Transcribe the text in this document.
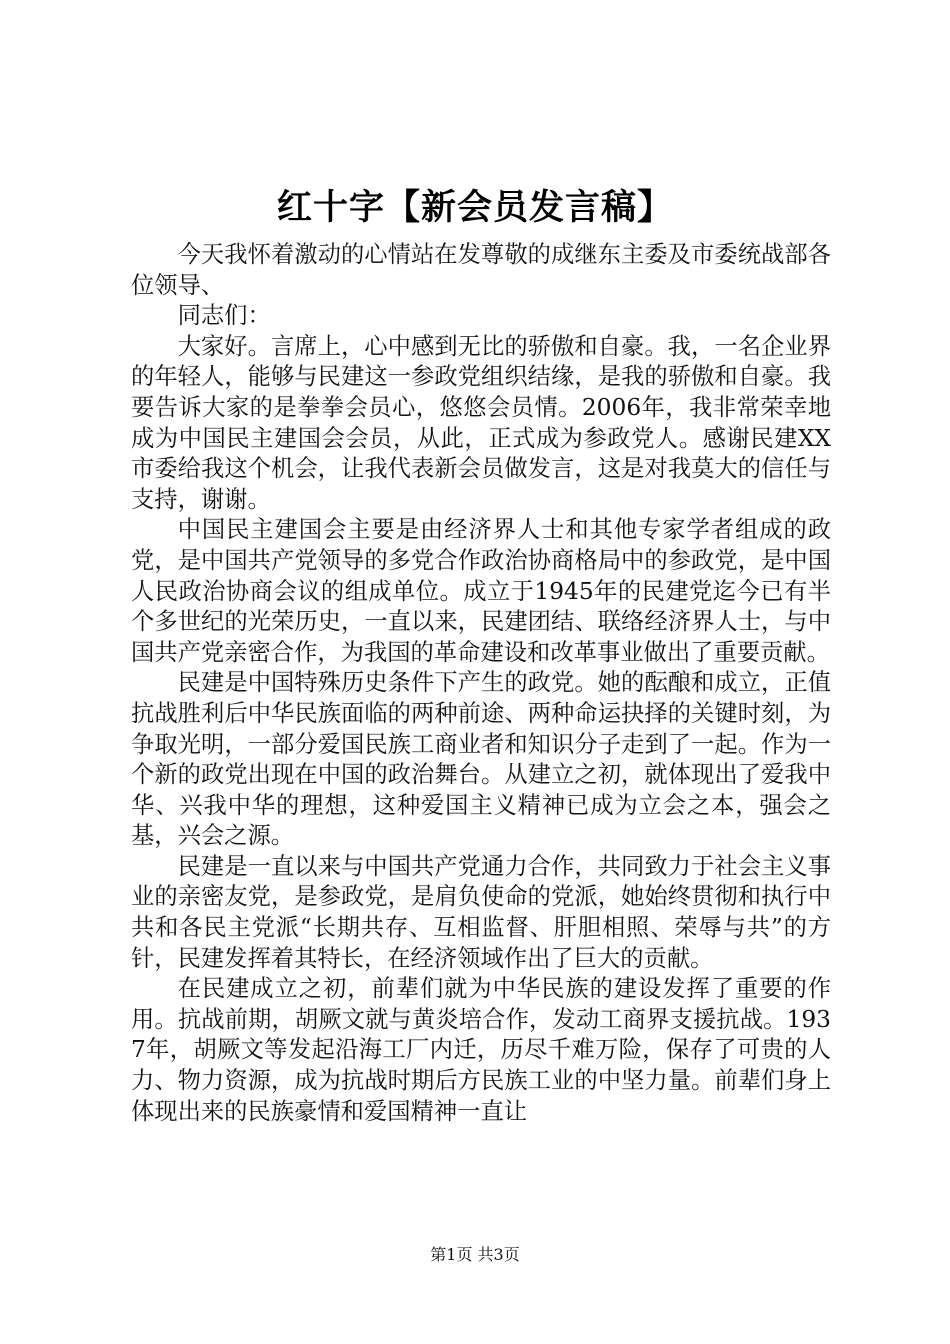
红十字【新会员发言稿】

今天我怀着激动的心情站在发尊敬的成继东主委及市委统战部各位领导、

同志们：

大家好。言席上，心中感到无比的骄傲和自豪。我，一名企业界的年轻人，能够与民建这一参政党组织结缘，是我的骄傲和自豪。我要告诉大家的是拳拳会员心，悠悠会员情。2006年，我非常荣幸地成为中国民主建国会会员，从此，正式成为参政党人。感谢民建XX市委给我这个机会，让我代表新会员做发言，这是对我莫大的信任与支持，谢谢。

中国民主建国会主要是由经济界人士和其他专家学者组成的政党，是中国共产党领导的多党合作政治协商格局中的参政党，是中国人民政治协商会议的组成单位。成立于1945年的民建党迄今已有半个多世纪的光荣历史，一直以来，民建团结、联络经济界人士，与中国共产党亲密合作，为我国的革命建设和改革事业做出了重要贡献。

民建是中国特殊历史条件下产生的政党。她的酝酿和成立，正值抗战胜利后中华民族面临的两种前途、两种命运抉择的关键时刻，为争取光明，一部分爱国民族工商业者和知识分子走到了一起。作为一个新的政党出现在中国的政治舞台。从建立之初，就体现出了爱我中华、兴我中华的理想，这种爱国主义精神已成为立会之本，强会之基，兴会之源。

民建是一直以来与中国共产党通力合作，共同致力于社会主义事业的亲密友党，是参政党，是肩负使命的党派，她始终贯彻和执行中共和各民主党派“长期共存、互相监督、肝胆相照、荣辱与共”的方针，民建发挥着其特长，在经济领域作出了巨大的贡献。

在民建成立之初，前辈们就为中华民族的建设发挥了重要的作用。抗战前期，胡厥文就与黄炎培合作，发动工商界支援抗战。1937年，胡厥文等发起沿海工厂内迁，历尽千难万险，保存了可贵的人力、物力资源，成为抗战时期后方民族工业的中坚力量。前辈们身上体现出来的民族豪情和爱国精神一直让

第1页 共3页
